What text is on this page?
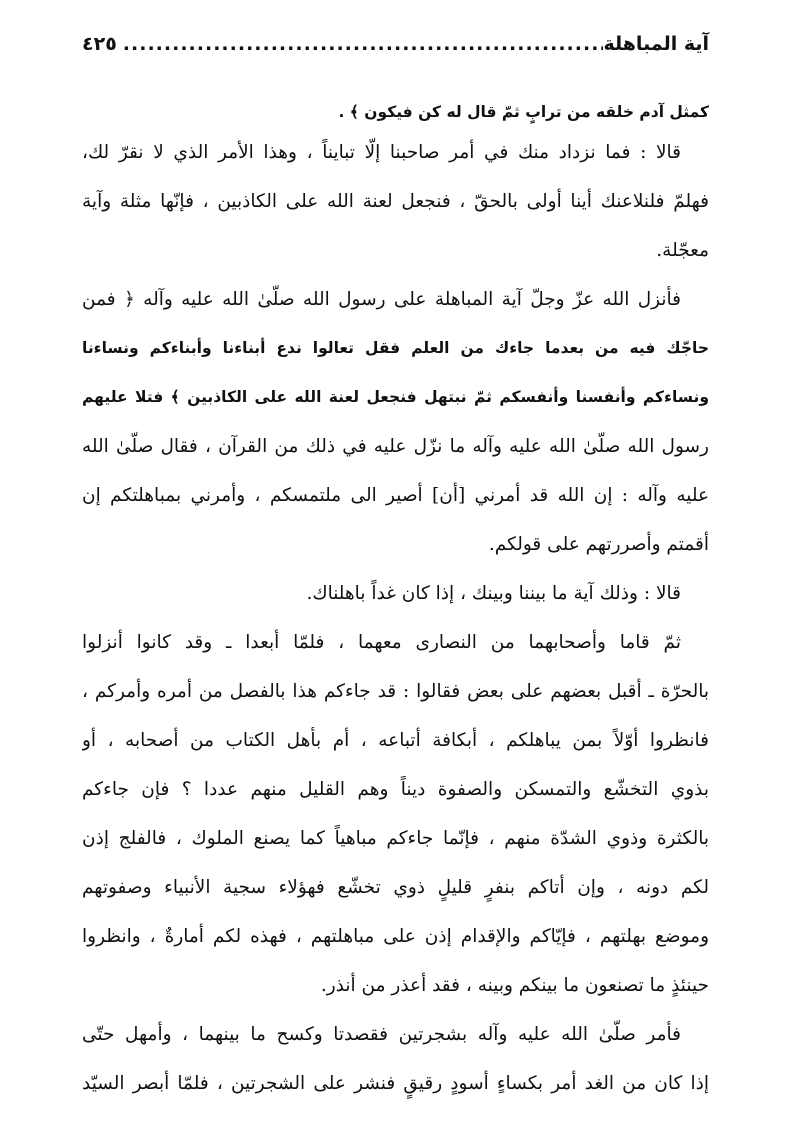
آية المباهلة
.....
٤٢٥
كمثل آدم خلقه من ترابٍ ثمّ قال له كن فيكون ﴾ .
قالا : فما نزداد منك في أمر صاحبنا إلّا تبايناً ، وهذا الأمر الذي لا نقرّ لك،
فهلمّ فلنلاعنك أينا أولى بالحقّ ، فنجعل لعنة الله على الكاذبين ، فإنّها مثلة وآية
معجّلة.
فأنزل الله عزّ وجلّ آية المباهلة على رسول الله صلّىٰ الله عليه وآله ﴿ فمن
حاجّك فيه من بعدما جاءك من العلم فقل تعالوا ندع أبناءنا وأبناءكم ونساءنا
ونساءكم وأنفسنا وأنفسكم ثمّ نبتهل فنجعل لعنة الله على الكاذبين ﴾ فتلا عليهم
رسول الله صلّىٰ الله عليه وآله ما نزّل عليه في ذلك من القرآن ، فقال صلّىٰ الله
عليه وآله : إن الله قد أمرني [أن] أصير الى ملتمسكم ، وأمرني بمباهلتكم إن
أقمتم وأصررتهم على قولكم.
قالا : وذلك آية ما بيننا وبينك ، إذا كان غداً باهلناك.
ثمّ قاما وأصحابهما من النصارى معهما ، فلمّا أبعدا ـ وقد كانوا أنزلوا
بالحرّة ـ أقبل بعضهم على بعض فقالوا : قد جاءكم هذا بالفصل من أمره وأمركم ،
فانظروا أوّلاً بمن يباهلكم ، أبكافة أتباعه ، أم بأهل الكتاب من أصحابه ، أو
بذوي التخشّع والتمسكن والصفوة ديناً وهم القليل منهم عددا ؟ فإن جاءكم
بالكثرة وذوي الشدّة منهم ، فإنّما جاءكم مباهياً كما يصنع الملوك ، فالفلج إذن
لكم دونه ، وإن أتاكم بنفرٍ قليلٍ ذوي تخشّع فهؤلاء سجية الأنبياء وصفوتهم
وموضع بهلتهم ، فإيّاكم والإقدام إذن على مباهلتهم ، فهذه لكم أمارةٌ ، وانظروا
حينئذٍ ما تصنعون ما بينكم وبينه ، فقد أعذر من أنذر.
فأمر صلّىٰ الله عليه وآله بشجرتين فقصدتا وكسح ما بينهما ، وأمهل حتّى
إذا كان من الغد أمر بكساءٍ أسودٍ رقيقٍ فنشر على الشجرتين ، فلمّا أبصر السيّد
